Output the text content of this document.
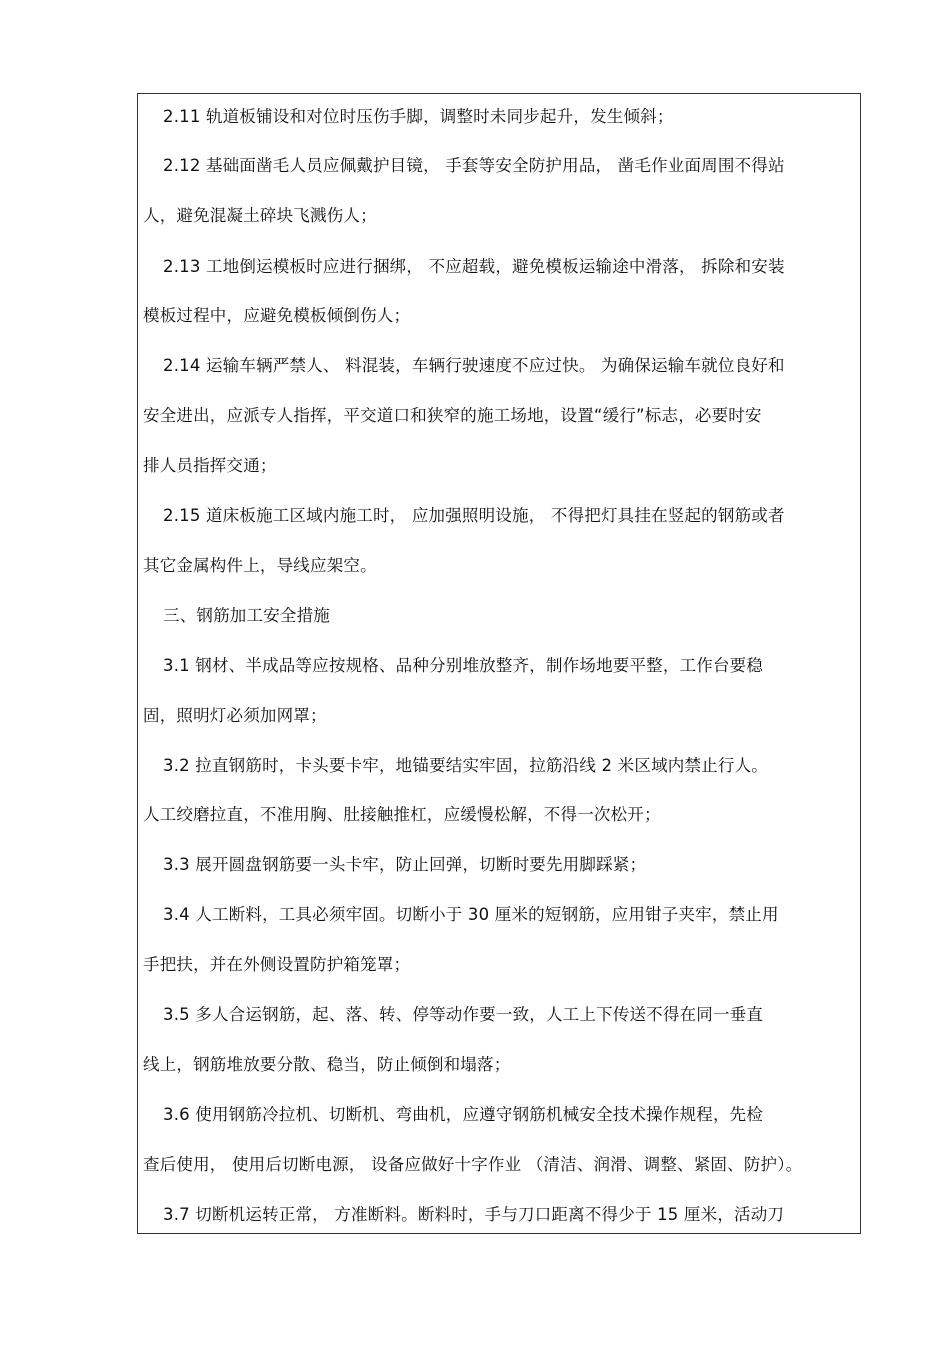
2.11 轨道板铺设和对位时压伤手脚，调整时未同步起升，发生倾斜；
2.12 基础面凿毛人员应佩戴护目镜， 手套等安全防护用品， 凿毛作业面周围不得站
人，避免混凝土碎块飞溅伤人；
2.13 工地倒运模板时应进行捆绑， 不应超载，避免模板运输途中滑落， 拆除和安装
模板过程中，应避免模板倾倒伤人；
2.14 运输车辆严禁人、 料混装，车辆行驶速度不应过快。 为确保运输车就位良好和
安全进出，应派专人指挥，平交道口和狭窄的施工场地，设置“缓行”标志，必要时安
排人员指挥交通；
2.15 道床板施工区域内施工时， 应加强照明设施， 不得把灯具挂在竖起的钢筋或者
其它金属构件上，导线应架空。
三、钢筋加工安全措施
3.1 钢材、半成品等应按规格、品种分别堆放整齐，制作场地要平整，工作台要稳
固，照明灯必须加网罩；
3.2 拉直钢筋时，卡头要卡牢，地锚要结实牢固，拉筋沿线 2 米区域内禁止行人。
人工绞磨拉直，不准用胸、肚接触推杠，应缓慢松解，不得一次松开；
3.3 展开圆盘钢筋要一头卡牢，防止回弹，切断时要先用脚踩紧；
3.4 人工断料，工具必须牢固。切断小于 30 厘米的短钢筋，应用钳子夹牢，禁止用
手把扶，并在外侧设置防护箱笼罩；
3.5 多人合运钢筋，起、落、转、停等动作要一致，人工上下传送不得在同一垂直
线上，钢筋堆放要分散、稳当，防止倾倒和塌落；
3.6 使用钢筋冷拉机、切断机、弯曲机，应遵守钢筋机械安全技术操作规程，先检
查后使用， 使用后切断电源， 设备应做好十字作业 （清洁、润滑、调整、紧固、防护）。
3.7 切断机运转正常， 方准断料。断料时，手与刀口距离不得少于 15 厘米，活动刀
